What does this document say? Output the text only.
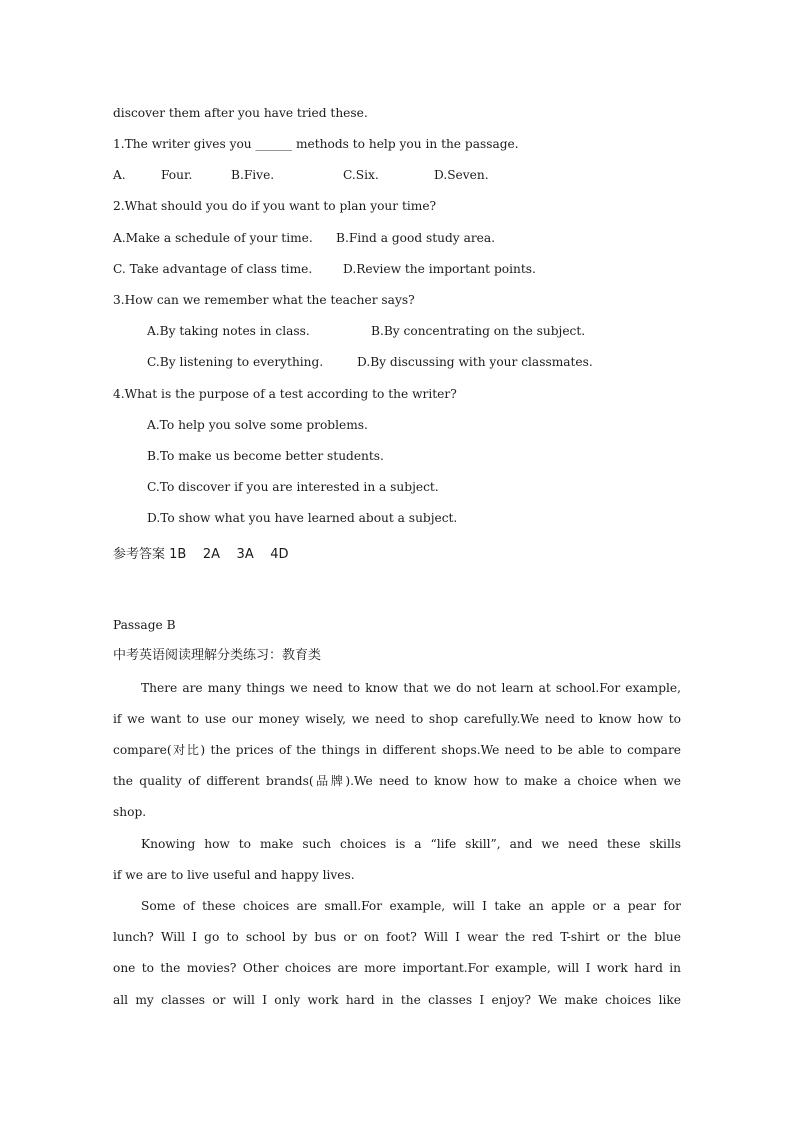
discover them after you have tried these.
1.The writer gives you ______ methods to help you in the passage.
A.	Four.	B.Five.	C.Six.	D.Seven.
2.What should you do if you want to plan your time?
A.Make a schedule of your time. B.Find a good study area.
C. Take advantage of class time.	D.Review the important points.
3.How can we remember what the teacher says?
A.By taking notes in class.	B.By concentrating on the subject.
C.By listening to everything.	D.By discussing with your classmates.
4.What is the purpose of a test according to the writer?
A.To help you solve some problems.
B.To make us become better students.
C.To discover if you are interested in a subject.
D.To show what you have learned about a subject.
参考答案 1B    2A    3A    4D
Passage B
中考英语阅读理解分类练习：教育类
There are many things we need to know that we do not learn at school.For example,
if we want to use our money wisely, we need to shop carefully.We need to know how to
compare(对比) the prices of the things in different shops.We need to be able to compare
the quality of different brands(品牌).We need to know how to make a choice when we
shop.
Knowing how to make such choices is a “life skill”, and we need these skills
if we are to live useful and happy lives.
Some of these choices are small.For example, will I take an apple or a pear for
lunch? Will I go to school by bus or on foot? Will I wear the red T-shirt or the blue
one to the movies? Other choices are more important.For example, will I work hard in
all my classes or will I only work hard in the classes I enjoy? We make choices like
